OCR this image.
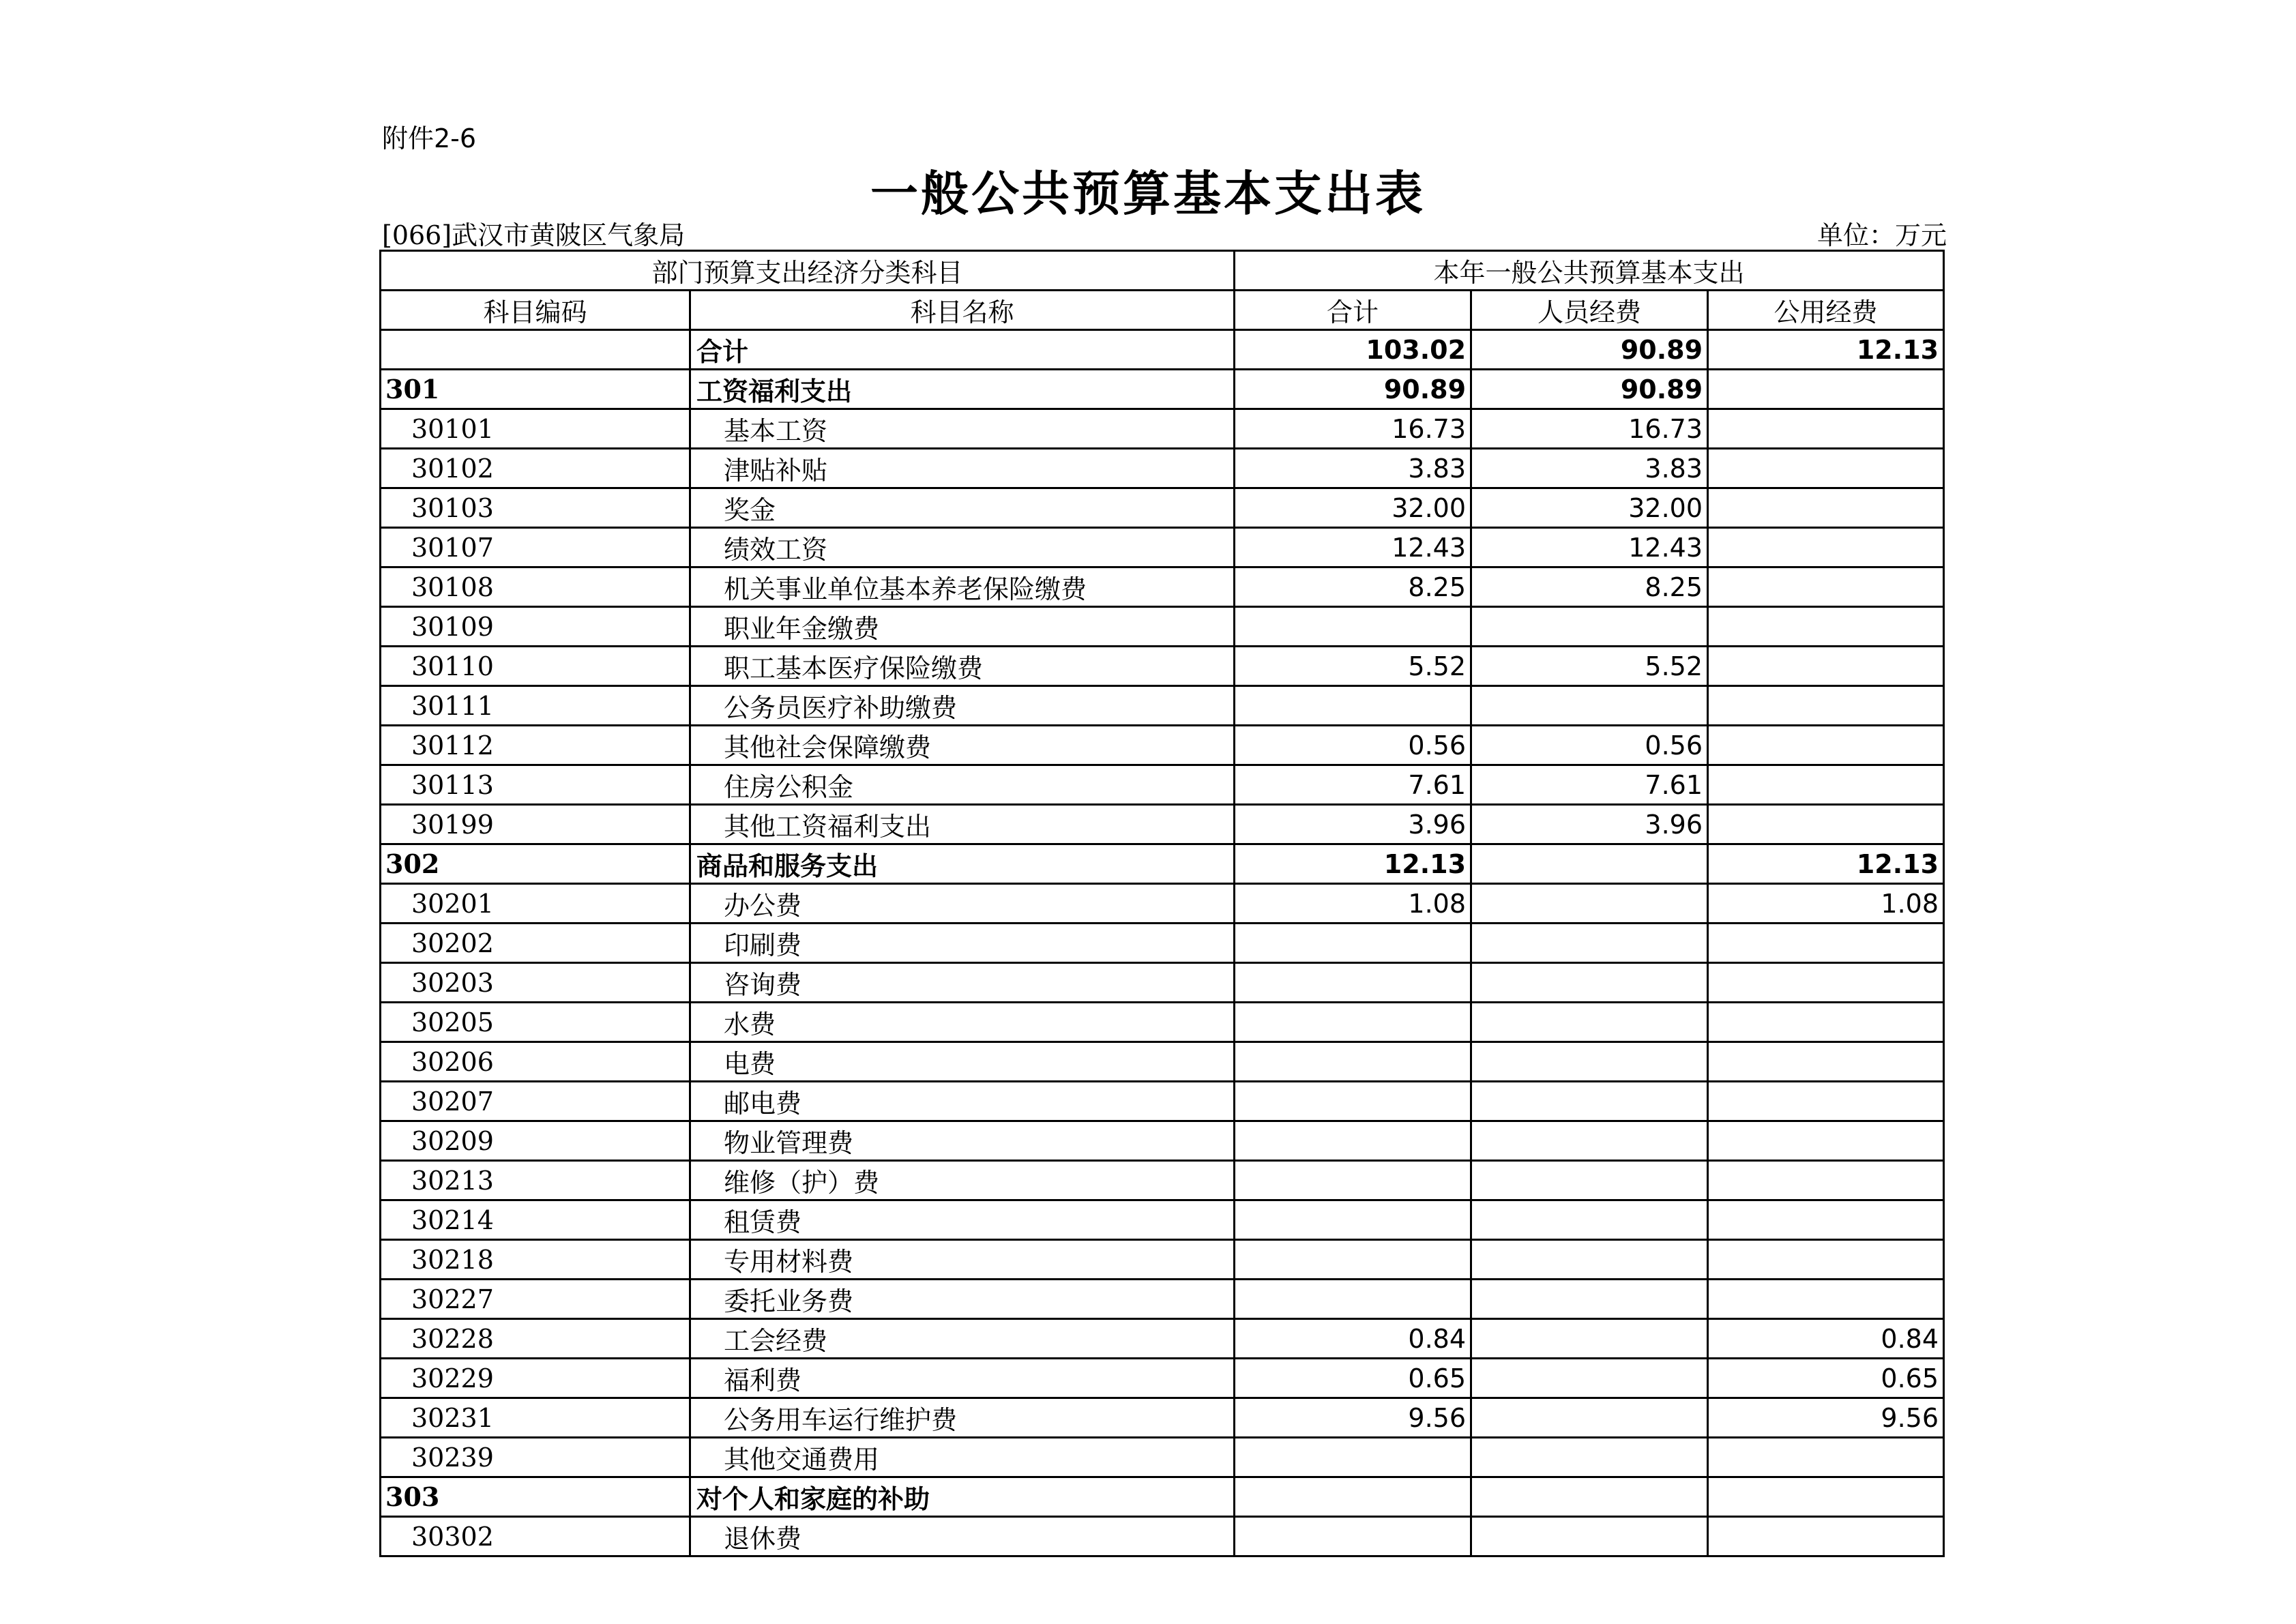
附件2-6
一般公共预算基本支出表
[066]武汉市黄陂区气象局	单位：万元
部门预算支出经济分类科目		本年一般公共预算基本支出		
科目编码	科目名称	合计	人员经费	公用经费
	合计	103.02	90.89	12.13
301	工资福利支出	90.89	90.89	
30101	基本工资	16.73	16.73	
30102	津贴补贴	3.83	3.83	
30103	奖金	32.00	32.00	
30107	绩效工资	12.43	12.43	
30108	机关事业单位基本养老保险缴费	8.25	8.25	
30109	职业年金缴费			
30110	职工基本医疗保险缴费	5.52	5.52	
30111	公务员医疗补助缴费			
30112	其他社会保障缴费	0.56	0.56	
30113	住房公积金	7.61	7.61	
30199	其他工资福利支出	3.96	3.96	
302	商品和服务支出	12.13		12.13
30201	办公费	1.08		1.08
30202	印刷费			
30203	咨询费			
30205	水费			
30206	电费			
30207	邮电费			
30209	物业管理费			
30213	维修（护）费			
30214	租赁费			
30218	专用材料费			
30227	委托业务费			
30228	工会经费	0.84		0.84
30229	福利费	0.65		0.65
30231	公务用车运行维护费	9.56		9.56
30239	其他交通费用			
303	对个人和家庭的补助			
30302	退休费			
